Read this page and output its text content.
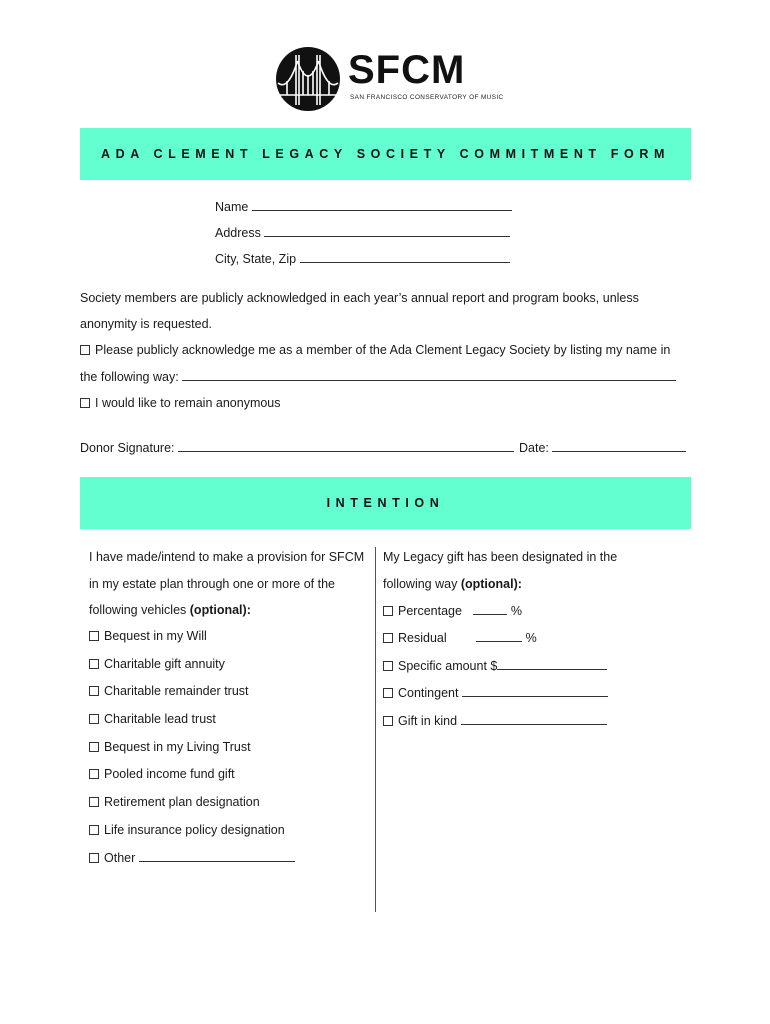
SFCM
SAN FRANCISCO CONSERVATORY OF MUSIC
ADA CLEMENT LEGACY SOCIETY COMMITMENT FORM
Name
Address
City, State, Zip
Society members are publicly acknowledged in each year’s annual report and program books, unless
anonymity is requested.
Please publicly acknowledge me as a member of the Ada Clement Legacy Society by listing my name in
the following way:
I would like to remain anonymous
Donor Signature:	Date:
INTENTION
I have made/intend to make a provision for SFCM
in my estate plan through one or more of the
following vehicles (optional):
Bequest in my Will
Charitable gift annuity
Charitable remainder trust
Charitable lead trust
Bequest in my Living Trust
Pooled income fund gift
Retirement plan designation
Life insurance policy designation
Other
My Legacy gift has been designated in the
following way (optional):
Percentage	%
Residual	%
Specific amount $
Contingent
Gift in kind
